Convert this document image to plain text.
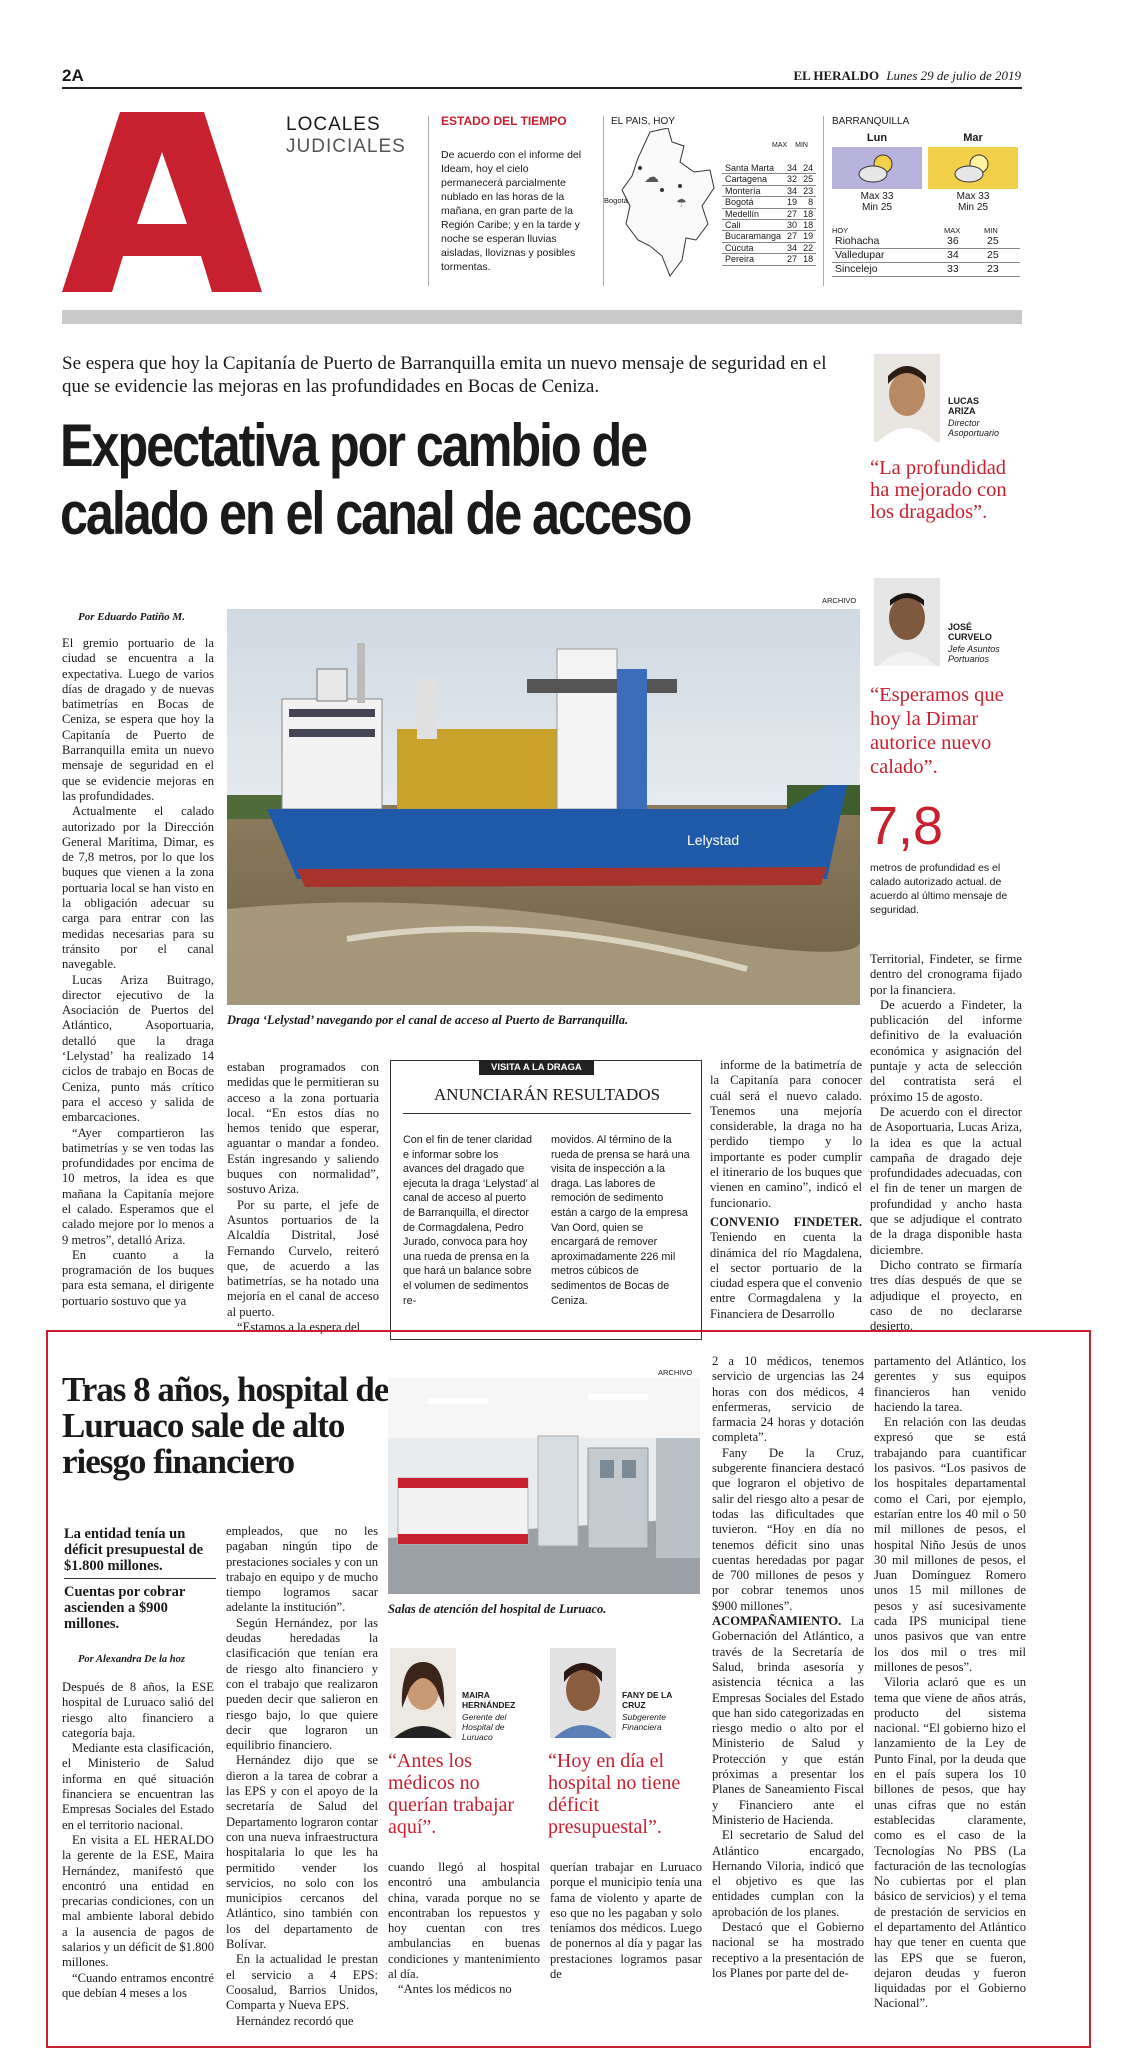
2A	EL HERALDO Lunes 29 de julio de 2019
LOCALES
JUDICIALES
ESTADO DEL TIEMPO
De acuerdo con el informe del Ideam, hoy el cielo permanecerá parcialmente nublado en las horas de la mañana, en gran parte de la Región Caribe; y en la tarde y noche se esperan lluvias aisladas, lloviznas y posibles tormentas.
EL PAIS, HOY
Bogotá
☁
☂
MAX MIN
Santa Marta	34	24
Cartagena	32	25
Montería	34	23
Bogotá	19	8
Medellín	27	18
Cali	30	18
Bucaramanga	27	19
Cúcuta	34	22
Pereira	27	18
BARRANQUILLA
Lun
Max 33
Min 25
Mar
Max 33
Min 25
HOY	MAX	MIN
Riohacha	36	25
Valledupar	34	25
Sincelejo	33	23
Se espera que hoy la Capitanía de Puerto de Barranquilla emita un nuevo mensaje de seguridad en el que se evidencie las mejoras en las profundidades en Bocas de Ceniza.
Expectativa por cambio de
calado en el canal de acceso
Por Eduardo Patiño M.
ARCHIVO
Lelystad
Draga ‘Lelystad’ navegando por el canal de acceso al Puerto de Barranquilla.

El gremio portuario de la ciudad se encuentra a la expectativa. Luego de varios días de dragado y de nuevas batimetrías en Bocas de Ceniza, se espera que hoy la Capitanía de Puerto de Barranquilla emita un nuevo mensaje de seguridad en el que se evidencie mejoras en las profundidades.

Actualmente el calado autorizado por la Dirección General Marítima, Dimar, es de 7,8 metros, por lo que los buques que vienen a la zona portuaria local se han visto en la obligación adecuar su carga para entrar con las medidas necesarias para su tránsito por el canal navegable.

Lucas Ariza Buitrago, director ejecutivo de la Asociación de Puertos del Atlántico, Asoportuaria, detalló que la draga ‘Lelystad’ ha realizado 14 ciclos de trabajo en Bocas de Ceniza, punto más crítico para el acceso y salida de embarcaciones.

“Ayer compartieron las batimetrías y se ven todas las profundidades por encima de 10 metros, la idea es que mañana la Capitanía mejore el calado. Esperamos que el calado mejore por lo menos a 9 metros”, detalló Ariza.

En cuanto a la programación de los buques para esta semana, el dirigente portuario sostuvo que ya

estaban programados con medidas que le permitieran su acceso a la zona portuaria local. “En estos días no hemos tenido que esperar, aguantar o mandar a fondeo. Están ingresando y saliendo buques con normalidad”, sostuvo Ariza.

Por su parte, el jefe de Asuntos portuarios de la Alcaldía Distrital, José Fernando Curvelo, reiteró que, de acuerdo a las batimetrías, se ha notado una mejoría en el canal de acceso al puerto.

“Estamos a la espera del

VISITA A LA DRAGA
ANUNCIARÁN RESULTADOS
Con el fin de tener claridad e informar sobre los avances del dragado que ejecuta la draga ‘Lelystad’ al canal de acceso al puerto de Barranquilla, el director de Cormagdalena, Pedro Jurado, convoca para hoy una rueda de prensa en la que hará un balance sobre el volumen de sedimentos re-
movidos. Al término de la rueda de prensa se hará una visita de inspección a la draga. Las labores de remoción de sedimento están a cargo de la empresa Van Oord, quien se encargará de remover aproximadamente 226 mil metros cúbicos de sedimentos de Bocas de Ceniza.

informe de la batimetría de la Capitanía para conocer cuál será el nuevo calado. Tenemos una mejoría considerable, la draga no ha perdido tiempo y lo importante es poder cumplir el itinerario de los buques que vienen en camino”, indicó el funcionario.

CONVENIO FINDETER. Teniendo en cuenta la dinámica del río Magdalena, el sector portuario de la ciudad espera que el convenio entre Cormagdalena y la Financiera de Desarrollo

LUCAS
ARIZA
Director
Asoportuario
“La profundidad ha mejorado con los dragados”.
JOSÉ
CURVELO
Jefe Asuntos
Portuarios
“Esperamos que hoy la Dimar autorice nuevo calado”.
7,8
metros de profundidad es el calado autorizado actual. de acuerdo al último mensaje de seguridad.

Territorial, Findeter, se firme dentro del cronograma fijado por la financiera.

De acuerdo a Findeter, la publicación del informe definitivo de la evaluación económica y asignación del puntaje y acta de selección del contratista será el próximo 15 de agosto.

De acuerdo con el director de Asoportuaria, Lucas Ariza, la idea es que la actual campaña de dragado deje profundidades adecuadas, con el fin de tener un margen de profundidad y ancho hasta que se adjudique el contrato de la draga disponible hasta diciembre.

Dicho contrato se firmaría tres días después de que se adjudique el proyecto, en caso de no declararse desierto.

Tras 8 años, hospital de Luruaco sale de alto riesgo financiero
La entidad tenía un déficit presupuestal de $1.800 millones.
Cuentas por cobrar ascienden a $900 millones.
Por Alexandra De la hoz

Después de 8 años, la ESE hospital de Luruaco salió del riesgo alto financiero a categoría baja.

Mediante esta clasificación, el Ministerio de Salud informa en qué situación financiera se encuentran las Empresas Sociales del Estado en el territorio nacional.

En visita a EL HERALDO la gerente de la ESE, Maira Hernández, manifestó que encontró una entidad en precarias condiciones, con un mal ambiente laboral debido a la ausencia de pagos de salarios y un déficit de $1.800 millones.

“Cuando entramos encontré que debían 4 meses a los

empleados, que no les pagaban ningún tipo de prestaciones sociales y con un trabajo en equipo y de mucho tiempo logramos sacar adelante la institución”.

Según Hernández, por las deudas heredadas la clasificación que tenían era de riesgo alto financiero y con el trabajo que realizaron pueden decir que salieron en riesgo bajo, lo que quiere decir que lograron un equilibrio financiero.

Hernández dijo que se dieron a la tarea de cobrar a las EPS y con el apoyo de la secretaría de Salud del Departamento lograron contar con una nueva infraestructura hospitalaria lo que les ha permitido vender los servicios, no solo con los municipios cercanos del Atlántico, sino también con los del departamento de Bolívar.

En la actualidad le prestan el servicio a 4 EPS: Coosalud, Barrios Unidos, Comparta y Nueva EPS.

Hernández recordó que

ARCHIVO
Salas de atención del hospital de Luruaco.
MAIRA
HERNÁNDEZ
Gerente del
Hospital de
Luruaco
“Antes los médicos no querían trabajar aquí”.
FANY DE LA
CRUZ
Subgerente
Financiera
“Hoy en día el hospital no tiene déficit presupuestal”.

cuando llegó al hospital encontró una ambulancia china, varada porque no se encontraban los repuestos y hoy cuentan con tres ambulancias en buenas condiciones y mantenimiento al día.

“Antes los médicos no

querían trabajar en Luruaco porque el municipio tenía una fama de violento y aparte de eso que no les pagaban y solo teníamos dos médicos. Luego de ponernos al día y pagar las prestaciones logramos pasar de

2 a 10 médicos, tenemos servicio de urgencias las 24 horas con dos médicos, 4 enfermeras, servicio de farmacia 24 horas y dotación completa”.

Fany De la Cruz, subgerente financiera destacó que lograron el objetivo de salir del riesgo alto a pesar de todas las dificultades que tuvieron. “Hoy en día no tenemos déficit sino unas cuentas heredadas por pagar de 700 millones de pesos y por cobrar tenemos unos $900 millones”.

ACOMPAÑAMIENTO. La Gobernación del Atlántico, a través de la Secretaría de Salud, brinda asesoría y asistencia técnica a las Empresas Sociales del Estado que han sido categorizadas en riesgo medio o alto por el Ministerio de Salud y Protección y que están próximas a presentar los Planes de Saneamiento Fiscal y Financiero ante el Ministerio de Hacienda.

El secretario de Salud del Atlántico encargado, Hernando Viloria, indicó que el objetivo es que las entidades cumplan con la aprobación de los planes.

Destacó que el Gobierno nacional se ha mostrado receptivo a la presentación de los Planes por parte del de-

partamento del Atlántico, los gerentes y sus equipos financieros han venido haciendo la tarea.

En relación con las deudas expresó que se está trabajando para cuantificar los pasivos. “Los pasivos de los hospitales departamental como el Cari, por ejemplo, estarían entre los 40 mil o 50 mil millones de pesos, el hospital Niño Jesús de unos 30 mil millones de pesos, el Juan Domínguez Romero unos 15 mil millones de pesos y así sucesivamente cada IPS municipal tiene unos pasivos que van entre los dos mil o tres mil millones de pesos”.

Viloria aclaró que es un tema que viene de años atrás, producto del sistema nacional. “El gobierno hizo el lanzamiento de la Ley de Punto Final, por la deuda que en el país supera los 10 billones de pesos, que hay unas cifras que no están establecidas claramente, como es el caso de la Tecnologías No PBS (La facturación de las tecnologías No cubiertas por el plan básico de servicios) y el tema de prestación de servicios en el departamento del Atlántico hay que tener en cuenta que las EPS que se fueron, dejaron deudas y fueron liquidadas por el Gobierno Nacional”.
